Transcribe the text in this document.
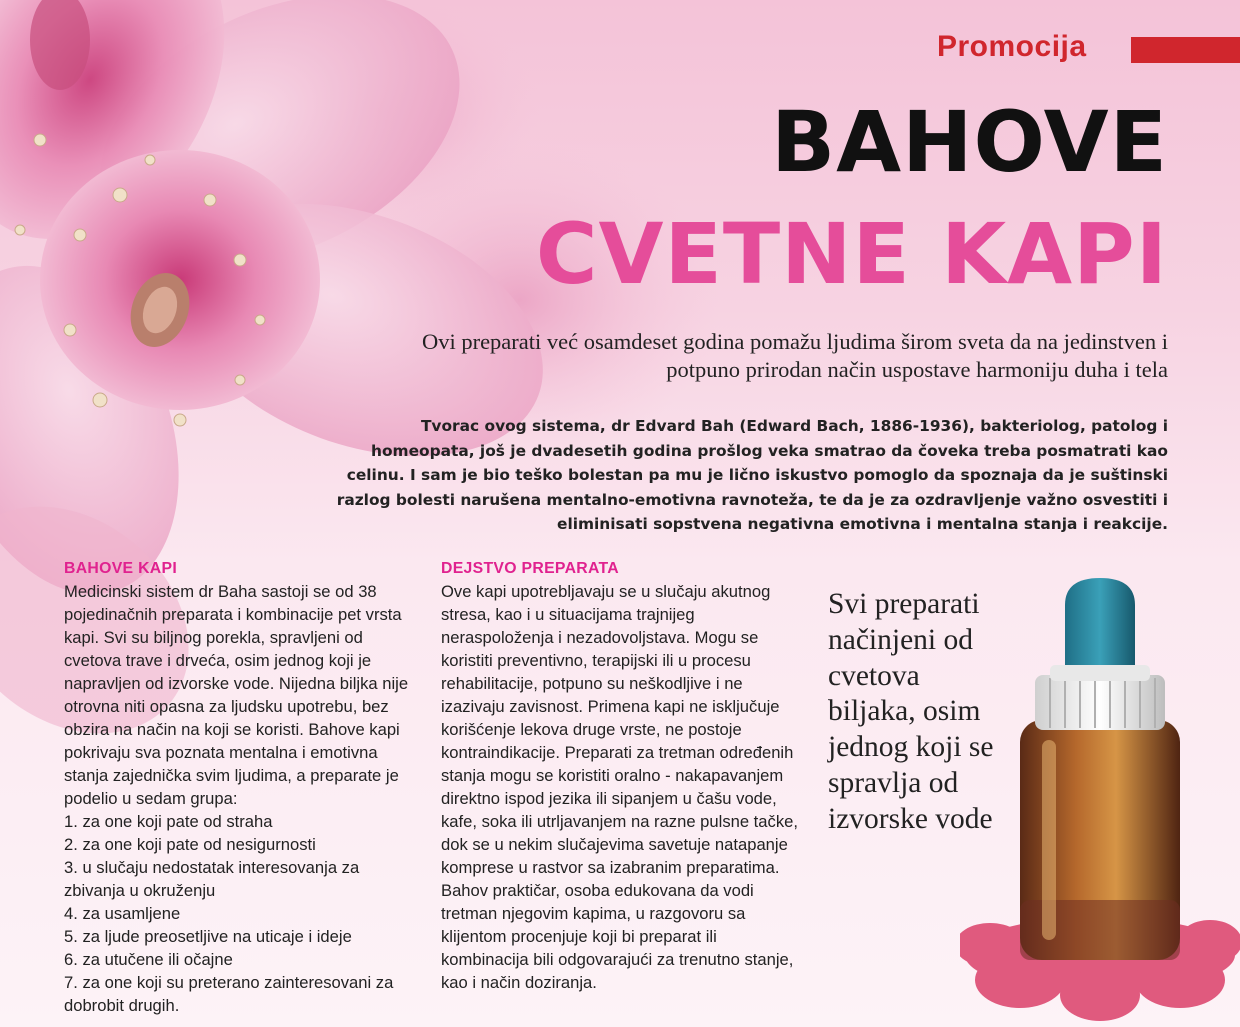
Promocija
BAHOVE
CVETNE KAPI
Ovi preparati već osamdeset godina pomažu ljudima širom sveta da na jedinstven i potpuno prirodan način uspostave harmoniju duha i tela
Tvorac ovog sistema, dr Edvard Bah (Edward Bach, 1886-1936), bakteriolog, patolog i homeopata, još je dvadesetih godina prošlog veka smatrao da čoveka treba posmatrati kao celinu. I sam je bio teško bolestan pa mu je lično iskustvo pomoglo da spoznaja da je suštinski razlog bolesti narušena mentalno-emotivna ravnoteža, te da je za ozdravljenje važno osvestiti i eliminisati sopstvena negativna emotivna i mentalna stanja i reakcije.
BAHOVE KAPI

Medicinski sistem dr Baha sastoji se od 38 pojedinačnih preparata i kombinacije pet vrsta kapi. Svi su biljnog porekla, spravljeni od cvetova trave i drveća, osim jednog koji je napravljen od izvorske vode. Nijedna biljka nije otrovna niti opasna za ljudsku upotrebu, bez obzira na način na koji se koristi. Bahove kapi pokrivaju sva poznata mentalna i emotivna stanja zajednička svim ljudima, a preparate je podelio u sedam grupa:

1. za one koji pate od straha
2. za one koji pate od nesigurnosti
3. u slučaju nedostatak interesovanja za zbivanja u okruženju
4. za usamljene
5. za ljude preosetljive na uticaje i ideje
6. za utučene ili očajne
7. za one koji su preterano zainteresovani za dobrobit drugih.
DEJSTVO PREPARATA

Ove kapi upotrebljavaju se u slučaju akutnog stresa, kao i u situacijama trajnijeg neraspoloženja i nezadovoljstava. Mogu se koristiti preventivno, terapijski ili u procesu rehabilitacije, potpuno su neškodljive i ne izazivaju zavisnost. Primena kapi ne isključuje korišćenje lekova druge vrste, ne postoje kontraindikacije. Preparati za tretman određenih stanja mogu se koristiti oralno - nakapavanjem direktno ispod jezika ili sipanjem u čašu vode, kafe, soka ili utrljavanjem na razne pulsne tačke, dok se u nekim slučajevima savetuje natapanje komprese u rastvor sa izabranim preparatima. Bahov praktičar, osoba edukovana da vodi tretman njegovim kapima, u razgovoru sa klijentom procenjuje koji bi preparat ili kombinacija bili odgovarajući za trenutno stanje, kao i način doziranja.

Svi preparati načinjeni od cvetova biljaka, osim jednog koji se spravlja od izvorske vode
